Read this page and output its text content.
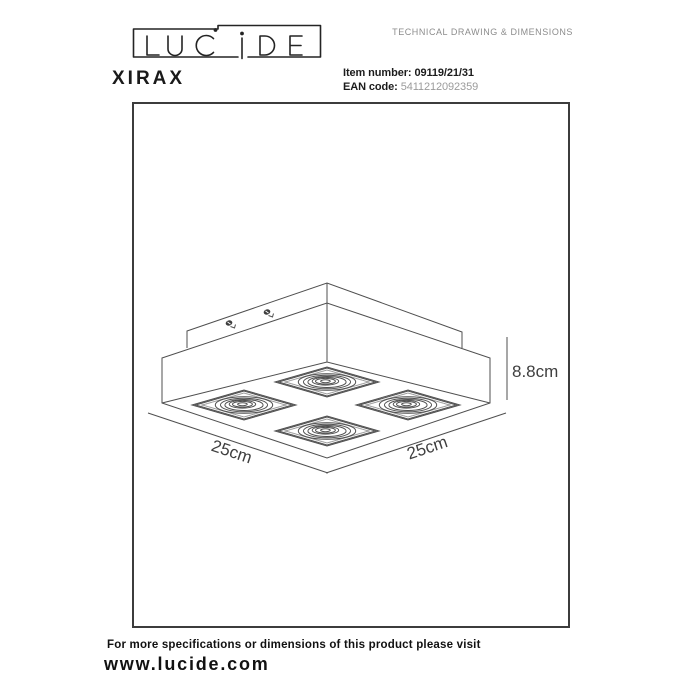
TECHNICAL DRAWING & DIMENSIONS
XIRAX	Item number: 09119/21/31
EAN code: 5411212092359
25cm	25cm
8.8cm
For more specifications or dimensions of this product please visit
www.lucide.com
